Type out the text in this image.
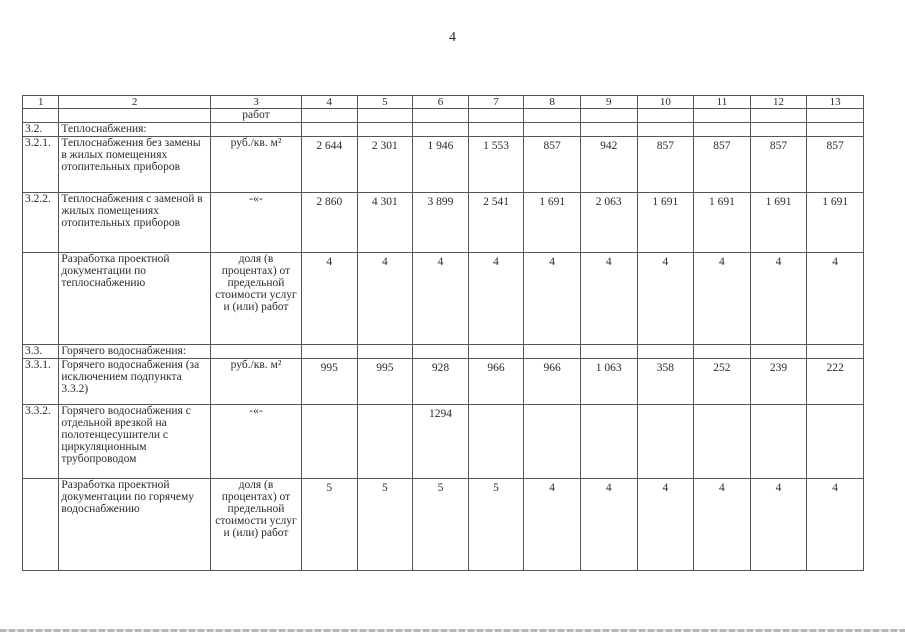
4
1	2	3	4	5	6	7	8	9	10	11	12	13
		работ										
3.2.	Теплоснабжения:											
3.2.1.	Теплоснабжения без замены в жилых помещениях отопительных приборов	руб./кв. м²	2 644	2 301	1 946	1 553	857	942	857	857	857	857
3.2.2.	Теплоснабжения с заменой в жилых помещениях отопительных приборов	-«-	2 860	4 301	3 899	2 541	1 691	2 063	1 691	1 691	1 691	1 691
	Разработка проектной документации по теплоснабжению	доля (в процентах) от предельной стоимости услуг и (или) работ	4	4	4	4	4	4	4	4	4	4
3.3.	Горячего водоснабжения:											
3.3.1.	Горячего водоснабжения (за исключением подпункта 3.3.2)	руб./кв. м²	995	995	928	966	966	1 063	358	252	239	222
3.3.2.	Горячего водоснабжения с отдельной врезкой на полотенцесушители с циркуляционным трубопроводом	-«-			1294							
	Разработка проектной документации по горячему водоснабжению	доля (в процентах) от предельной стоимости услуг и (или) работ	5	5	5	5	4	4	4	4	4	4
